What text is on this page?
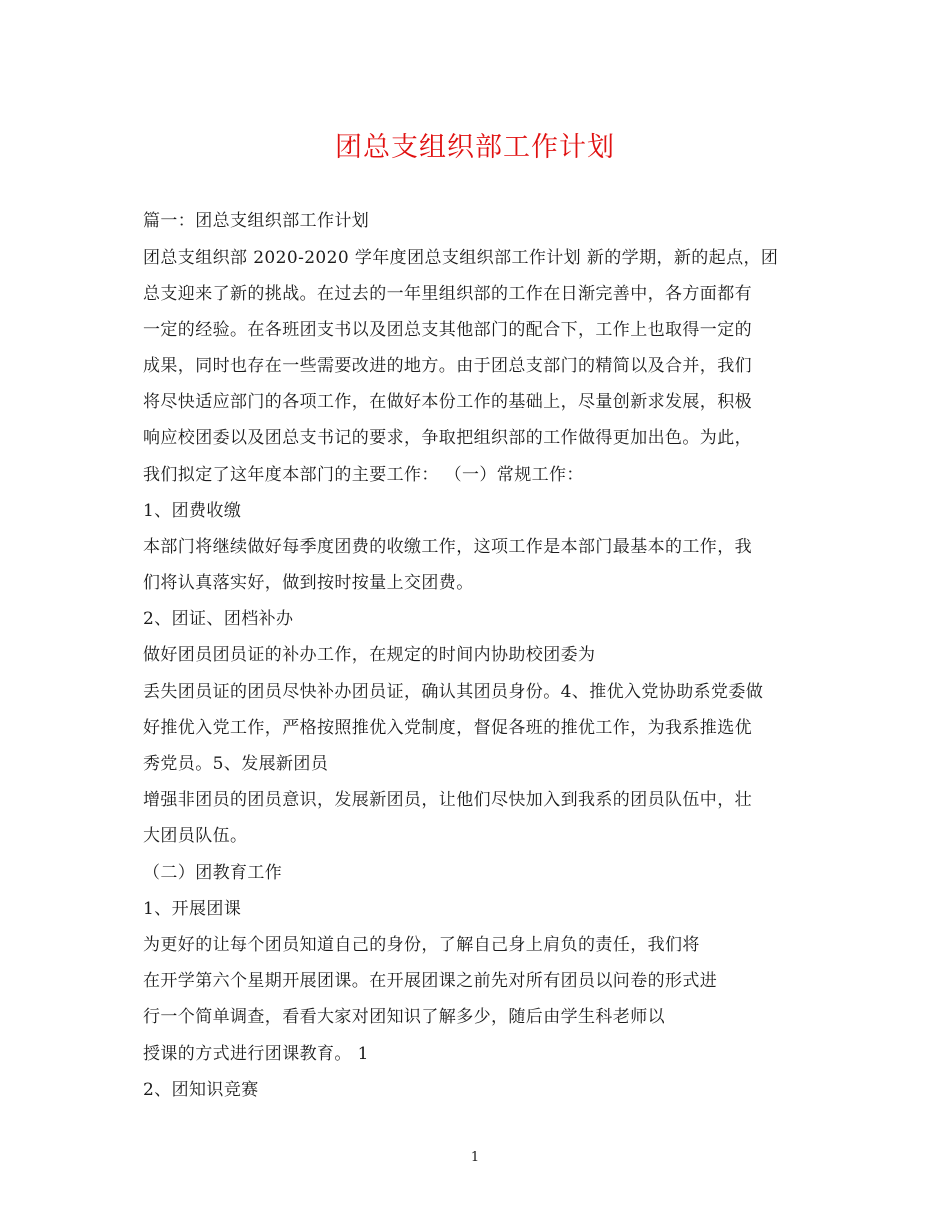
团总支组织部工作计划
篇一：团总支组织部工作计划
团总支组织部 2020-2020 学年度团总支组织部工作计划 新的学期，新的起点，团
总支迎来了新的挑战。在过去的一年里组织部的工作在日渐完善中，各方面都有
一定的经验。在各班团支书以及团总支其他部门的配合下，工作上也取得一定的
成果，同时也存在一些需要改进的地方。由于团总支部门的精简以及合并，我们
将尽快适应部门的各项工作，在做好本份工作的基础上，尽量创新求发展，积极
响应校团委以及团总支书记的要求，争取把组织部的工作做得更加出色。为此，
我们拟定了这年度本部门的主要工作： （一）常规工作：
1、团费收缴
本部门将继续做好每季度团费的收缴工作，这项工作是本部门最基本的工作，我
们将认真落实好，做到按时按量上交团费。
2、团证、团档补办
做好团员团员证的补办工作，在规定的时间内协助校团委为
丢失团员证的团员尽快补办团员证，确认其团员身份。4、推优入党协助系党委做
好推优入党工作，严格按照推优入党制度，督促各班的推优工作，为我系推选优
秀党员。5、发展新团员
增强非团员的团员意识，发展新团员，让他们尽快加入到我系的团员队伍中，壮
大团员队伍。
（二）团教育工作
1、开展团课
为更好的让每个团员知道自己的身份，了解自己身上肩负的责任，我们将
在开学第六个星期开展团课。在开展团课之前先对所有团员以问卷的形式进
行一个简单调查，看看大家对团知识了解多少，随后由学生科老师以
授课的方式进行团课教育。 1
2、团知识竞赛
1
